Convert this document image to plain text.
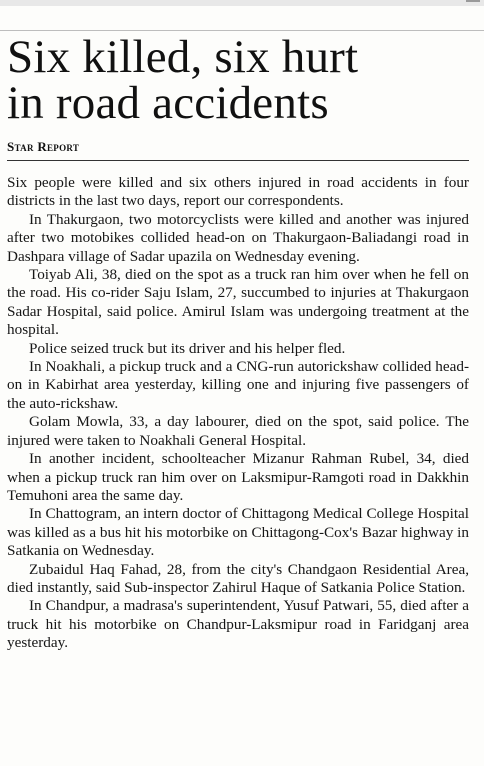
Six killed, six hurt
in road accidents
Star Report

Six people were killed and six others injured in road accidents in four districts in the last two days, report our correspondents.

In Thakurgaon, two motorcyclists were killed and another was injured after two motobikes collided head-on on Thakurgaon-Baliadangi road in Dashpara village of Sadar upazila on Wednesday evening.

Toiyab Ali, 38, died on the spot as a truck ran him over when he fell on the road. His co-rider Saju Islam, 27, succumbed to injuries at Thakurgaon Sadar Hospital, said police. Amirul Islam was undergoing treatment at the hospital.

Police seized truck but its driver and his helper fled.

In Noakhali, a pickup truck and a CNG-run autorickshaw collided head-on in Kabirhat area yesterday, killing one and injuring five passengers of the auto-rickshaw.

Golam Mowla, 33, a day labourer, died on the spot, said police. The injured were taken to Noakhali General Hospital.

In another incident, schoolteacher Mizanur Rahman Rubel, 34, died when a pickup truck ran him over on Laksmipur-Ramgoti road in Dakkhin Temuhoni area the same day.

In Chattogram, an intern doctor of Chittagong Medical College Hospital was killed as a bus hit his motorbike on Chittagong-Cox's Bazar highway in Satkania on Wednesday.

Zubaidul Haq Fahad, 28, from the city's Chandgaon Residential Area, died instantly, said Sub-inspector Zahirul Haque of Satkania Police Station.

In Chandpur, a madrasa's superintendent, Yusuf Patwari, 55, died after a truck hit his motorbike on Chandpur-Laksmipur road in Faridganj area yesterday.
